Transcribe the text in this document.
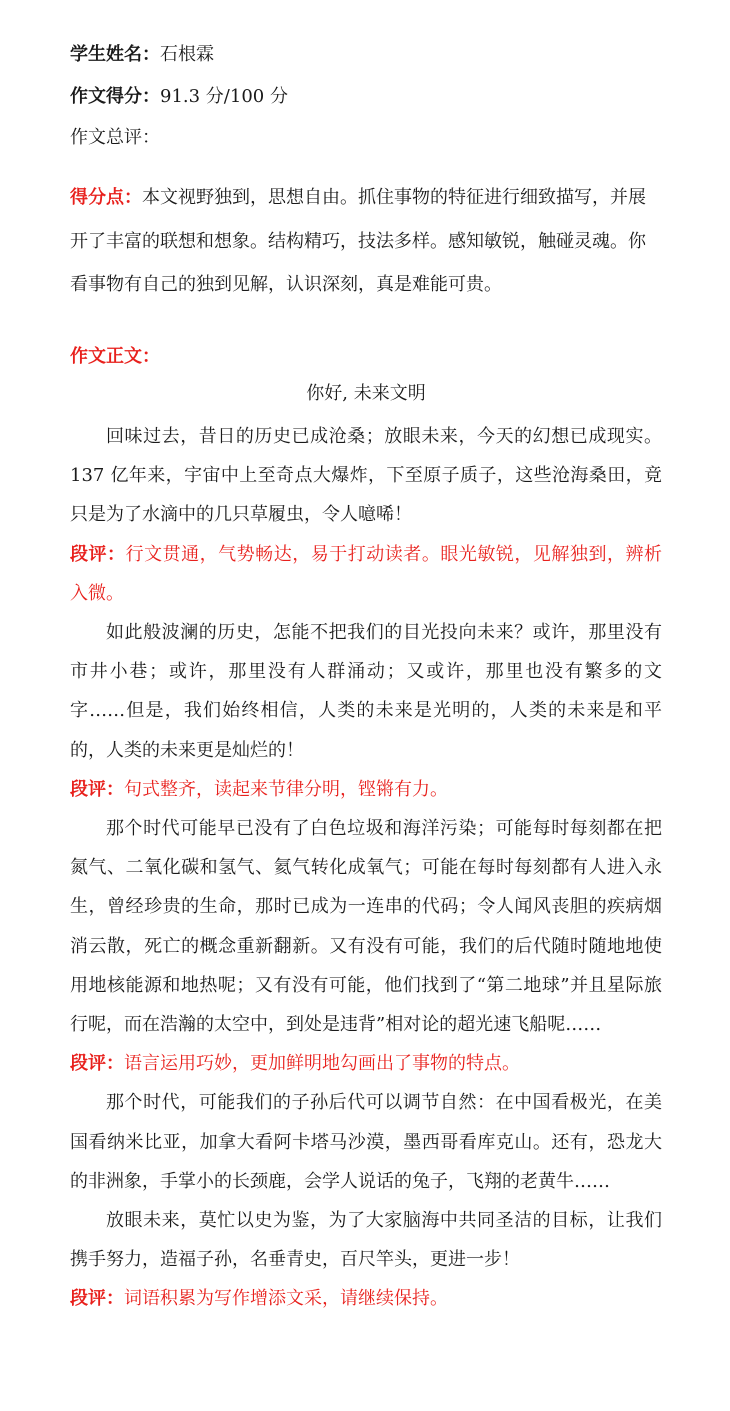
学生姓名：石根霖
作文得分：91.3 分/100 分
作文总评：
得分点：本文视野独到，思想自由。抓住事物的特征进行细致描写，并展开了丰富的联想和想象。结构精巧，技法多样。感知敏锐，触碰灵魂。你看事物有自己的独到见解，认识深刻，真是难能可贵。
作文正文：
你好, 未来文明

回味过去，昔日的历史已成沧桑；放眼未来，今天的幻想已成现实。137 亿年来，宇宙中上至奇点大爆炸，下至原子质子，这些沧海桑田，竟只是为了水滴中的几只草履虫，令人噫唏！

段评：行文贯通，气势畅达，易于打动读者。眼光敏锐，见解独到，辨析入微。

如此般波澜的历史，怎能不把我们的目光投向未来？或许，那里没有市井小巷；或许，那里没有人群涌动；又或许，那里也没有繁多的文字……但是，我们始终相信，人类的未来是光明的，人类的未来是和平的，人类的未来更是灿烂的！

段评：句式整齐，读起来节律分明，铿锵有力。

那个时代可能早已没有了白色垃圾和海洋污染；可能每时每刻都在把氮气、二氧化碳和氢气、氦气转化成氧气；可能在每时每刻都有人进入永生，曾经珍贵的生命，那时已成为一连串的代码；令人闻风丧胆的疾病烟消云散，死亡的概念重新翻新。又有没有可能，我们的后代随时随地地使用地核能源和地热呢；又有没有可能，他们找到了“第二地球”并且星际旅行呢，而在浩瀚的太空中，到处是违背”相对论的超光速飞船呢……

段评：语言运用巧妙，更加鲜明地勾画出了事物的特点。

那个时代，可能我们的子孙后代可以调节自然：在中国看极光，在美国看纳米比亚，加拿大看阿卡塔马沙漠，墨西哥看库克山。还有，恐龙大的非洲象，手掌小的长颈鹿，会学人说话的兔子，飞翔的老黄牛……

放眼未来，莫忙以史为鉴，为了大家脑海中共同圣洁的目标，让我们携手努力，造福子孙，名垂青史，百尺竿头，更进一步！

段评：词语积累为写作增添文采，请继续保持。
